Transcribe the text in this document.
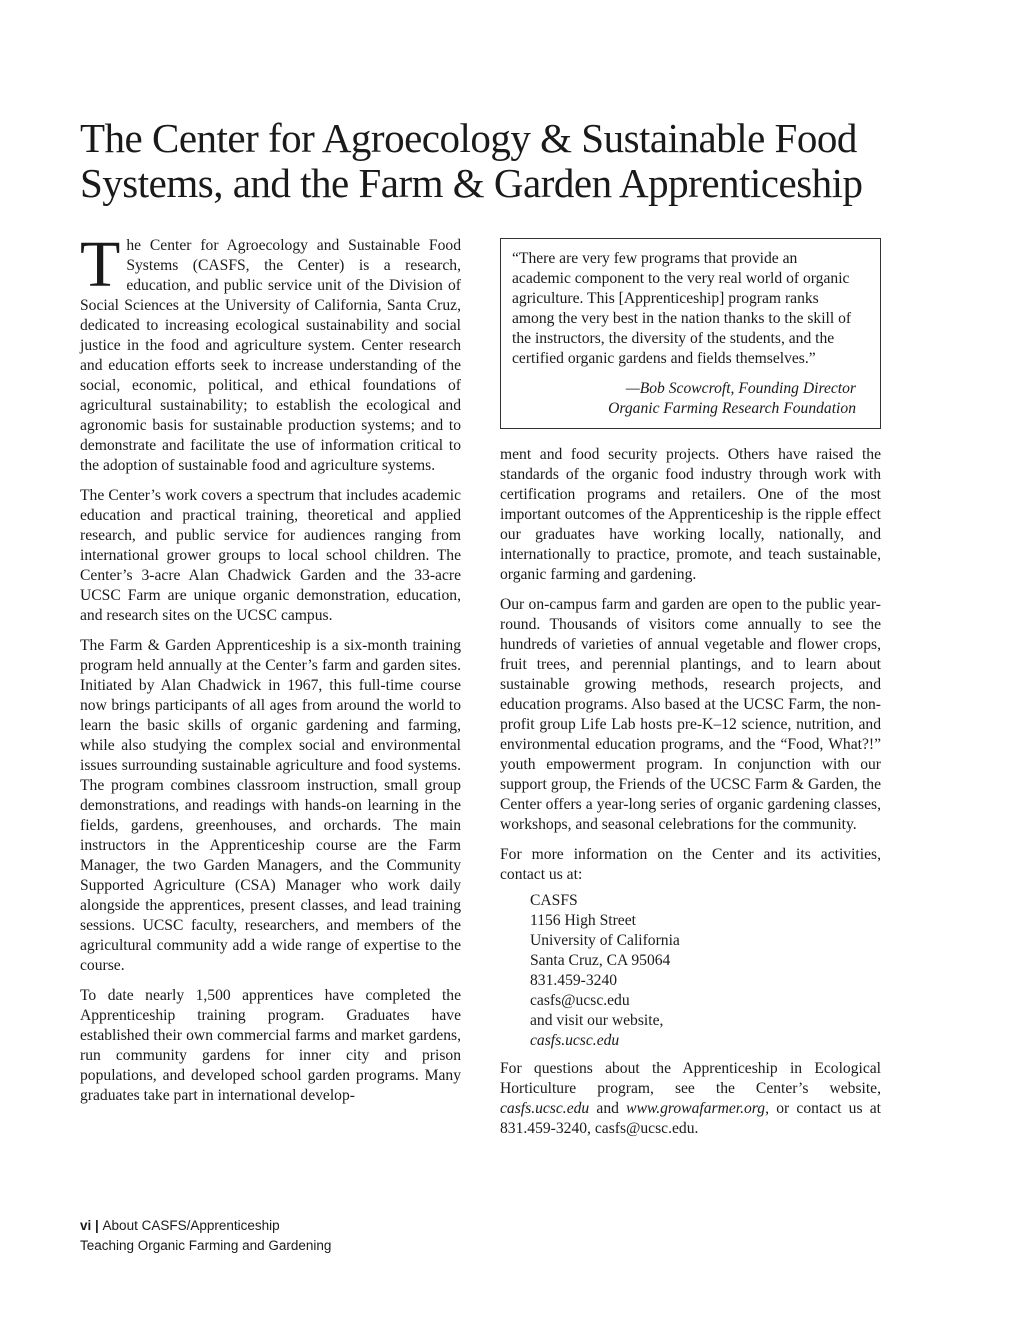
The Center for Agroecology & Sustainable Food
Systems, and the Farm & Garden Apprenticeship

The Center for Agroecology and Sustainable Food Systems (CASFS, the Center) is a research, education, and public service unit of the Division of Social Sciences at the University of California, Santa Cruz, dedicated to increasing ecological sustainability and social justice in the food and agriculture system. Center research and education efforts seek to increase understanding of the social, economic, political, and ethical foundations of agricultural sustainability; to establish the ecological and agronomic basis for sustainable production systems; and to demonstrate and facilitate the use of information critical to the adoption of sustainable food and agriculture systems.

The Center’s work covers a spectrum that includes academic education and practical training, theoretical and applied research, and public service for audiences ranging from international grower groups to local school children. The Center’s 3-acre Alan Chadwick Garden and the 33-acre UCSC Farm are unique organic demonstration, education, and research sites on the UCSC campus.

The Farm & Garden Apprenticeship is a six-month training program held annually at the Center’s farm and garden sites. Initiated by Alan Chadwick in 1967, this full-time course now brings participants of all ages from around the world to learn the basic skills of organic gardening and farming, while also studying the complex social and environmental issues surrounding sustainable agriculture and food systems. The program combines classroom instruction, small group demonstrations, and readings with hands-on learning in the fields, gardens, greenhouses, and orchards. The main instructors in the Apprenticeship course are the Farm Manager, the two Garden Managers, and the Community Supported Agriculture (CSA) Manager who work daily alongside the apprentices, present classes, and lead training sessions. UCSC faculty, researchers, and members of the agricultural community add a wide range of expertise to the course.

To date nearly 1,500 apprentices have completed the Apprenticeship training program. Graduates have established their own commercial farms and market gardens, run community gardens for inner city and prison populations, and developed school garden programs. Many graduates take part in international develop-

“There are very few programs that provide an academic component to the very real world of organic agriculture. This [Apprenticeship] program ranks among the very best in the nation thanks to the skill of the instructors, the diversity of the students, and the certified organic gardens and fields themselves.”

—Bob Scowcroft, Founding Director
Organic Farming Research Foundation

ment and food security projects. Others have raised the standards of the organic food industry through work with certification programs and retailers. One of the most important outcomes of the Apprenticeship is the ripple effect our graduates have working locally, nationally, and internationally to practice, promote, and teach sustainable, organic farming and gardening.

Our on-campus farm and garden are open to the public year-round. Thousands of visitors come annually to see the hundreds of varieties of annual vegetable and flower crops, fruit trees, and perennial plantings, and to learn about sustainable growing methods, research projects, and education programs. Also based at the UCSC Farm, the non-profit group Life Lab hosts pre-K–12 science, nutrition, and environmental education programs, and the “Food, What?!” youth empowerment program. In conjunction with our support group, the Friends of the UCSC Farm & Garden, the Center offers a year-long series of organic gardening classes, workshops, and seasonal celebrations for the community.

For more information on the Center and its activities, contact us at:

CASFS
1156 High Street
University of California
Santa Cruz, CA 95064
831.459-3240
casfs@ucsc.edu
and visit our website,
casfs.ucsc.edu

For questions about the Apprenticeship in Ecological Horticulture program, see the Center’s website, casfs.ucsc.edu and www.growafarmer.org, or contact us at 831.459-3240, casfs@ucsc.edu.

vi | About CASFS/Apprenticeship
Teaching Organic Farming and Gardening
